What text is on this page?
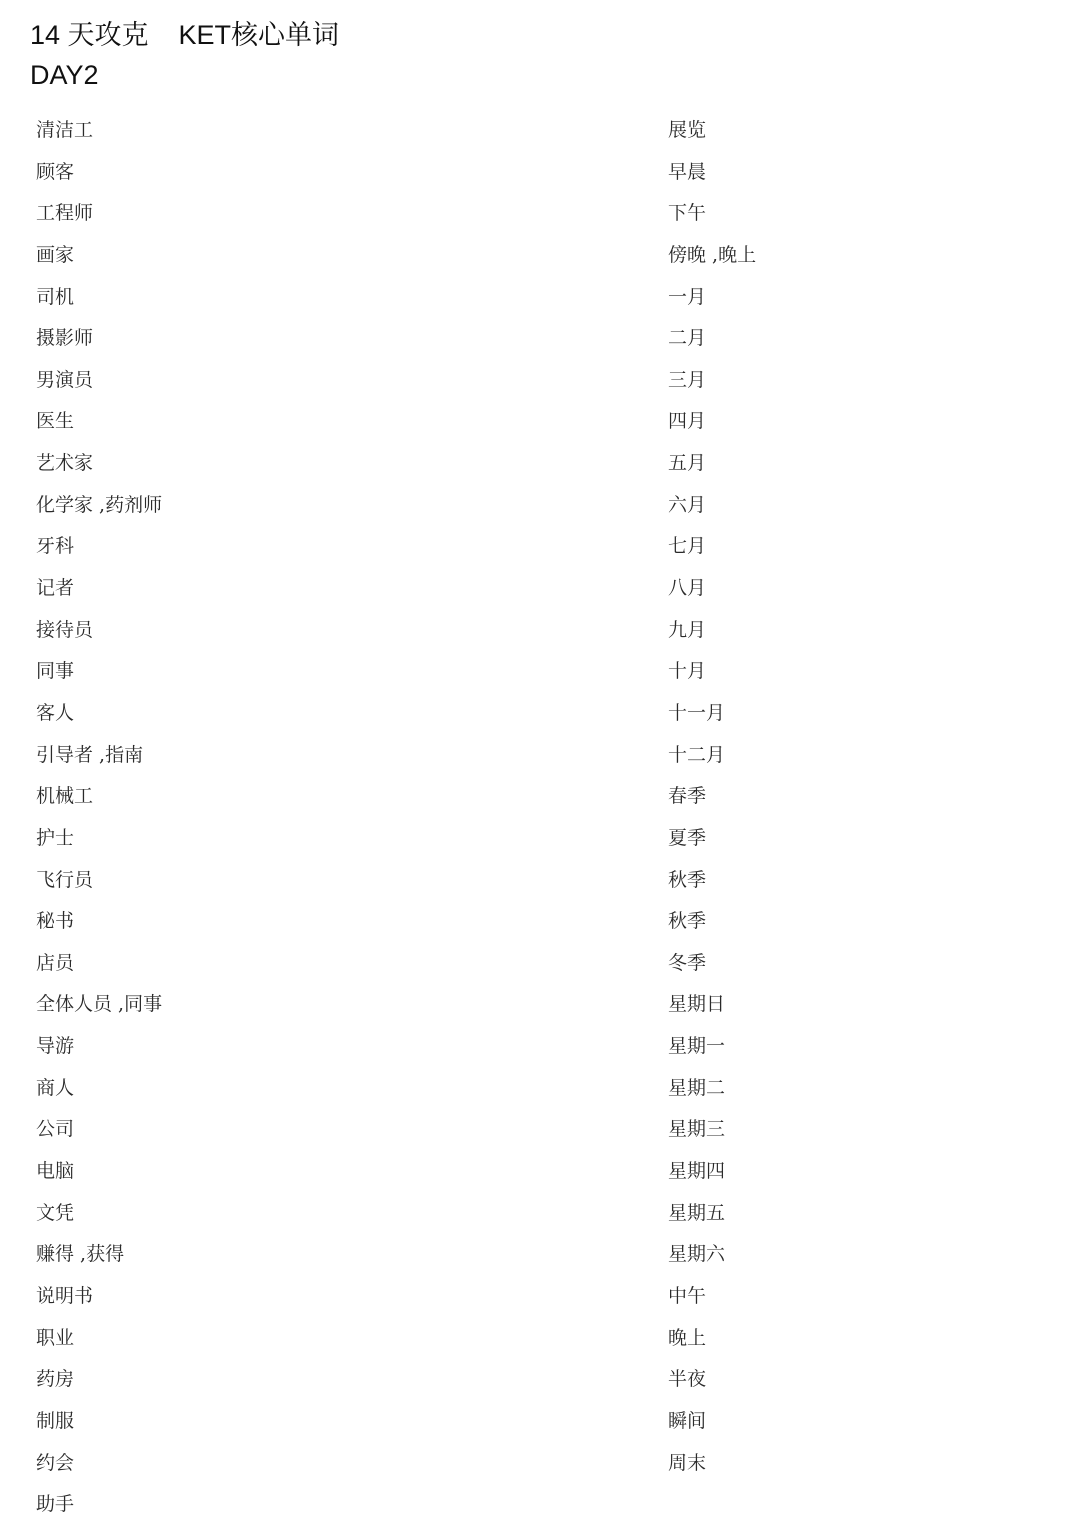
14 天攻克    KET核心单词
DAY2
清洁工
顾客
工程师
画家
司机
摄影师
男演员
医生
艺术家
化学家 ,药剂师
牙科
记者
接待员
同事
客人
引导者 ,指南
机械工
护士
飞行员
秘书
店员
全体人员 ,同事
导游
商人
公司
电脑
文凭
赚得 ,获得
说明书
职业
药房
制服
约会
助手
展览
早晨
下午
傍晚 ,晚上
一月
二月
三月
四月
五月
六月
七月
八月
九月
十月
十一月
十二月
春季
夏季
秋季
秋季
冬季
星期日
星期一
星期二
星期三
星期四
星期五
星期六
中午
晚上
半夜
瞬间
周末
